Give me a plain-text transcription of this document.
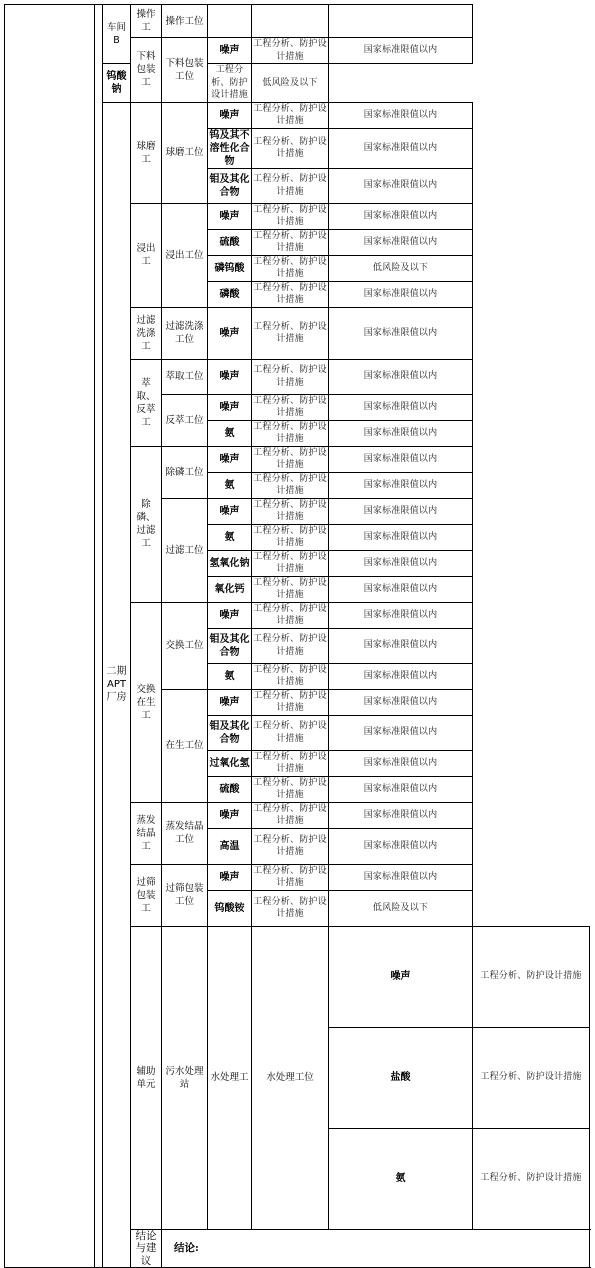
		车间B	操作工	操作工位					
			下料包装工	下料包装工位	噪声	工程分析、防护设计措施	国家标准限值以内		
		钨酸钠			工程分析、防护设计措施	低风险及以下			
		二期APT厂房	球磨工	球磨工位	噪声	工程分析、防护设计措施	国家标准限值以内		
					钨及其不溶性化合物	工程分析、防护设计措施	国家标准限值以内		
					钼及其化合物	工程分析、防护设计措施	国家标准限值以内		
			浸出工	浸出工位	噪声	工程分析、防护设计措施	国家标准限值以内		
					硫酸	工程分析、防护设计措施	国家标准限值以内		
					磷钨酸	工程分析、防护设计措施	低风险及以下		
					磷酸	工程分析、防护设计措施	国家标准限值以内		
			过滤洗涤工	过滤洗涤工位	噪声	工程分析、防护设计措施	国家标准限值以内		
			萃取、反萃工	萃取工位	噪声	工程分析、防护设计措施	国家标准限值以内		
				反萃工位	噪声	工程分析、防护设计措施	国家标准限值以内		
					氨	工程分析、防护设计措施	国家标准限值以内		
			除磷、过滤工	除磷工位	噪声	工程分析、防护设计措施	国家标准限值以内		
					氨	工程分析、防护设计措施	国家标准限值以内		
				过滤工位	噪声	工程分析、防护设计措施	国家标准限值以内		
					氨	工程分析、防护设计措施	国家标准限值以内		
					氢氧化钠	工程分析、防护设计措施	国家标准限值以内		
					氧化钙	工程分析、防护设计措施	国家标准限值以内		
			交换在生工	交换工位	噪声	工程分析、防护设计措施	国家标准限值以内		
					钼及其化合物	工程分析、防护设计措施	国家标准限值以内		
					氨	工程分析、防护设计措施	国家标准限值以内		
				在生工位	噪声	工程分析、防护设计措施	国家标准限值以内		
					钼及其化合物	工程分析、防护设计措施	国家标准限值以内		
					过氧化氢	工程分析、防护设计措施	国家标准限值以内		
					硫酸	工程分析、防护设计措施	国家标准限值以内		
			蒸发结晶工	蒸发结晶工位	噪声	工程分析、防护设计措施	国家标准限值以内		
					高温	工程分析、防护设计措施	国家标准限值以内		
			过筛包装工	过筛包装工位	噪声	工程分析、防护设计措施	国家标准限值以内		
					钨酸铵	工程分析、防护设计措施	低风险及以下		
			辅助单元	污水处理站	水处理工	水处理工位	噪声	工程分析、防护设计措施	
							盐酸	工程分析、防护设计措施	
							氨	工程分析、防护设计措施	
			结论与建议	结论:					
